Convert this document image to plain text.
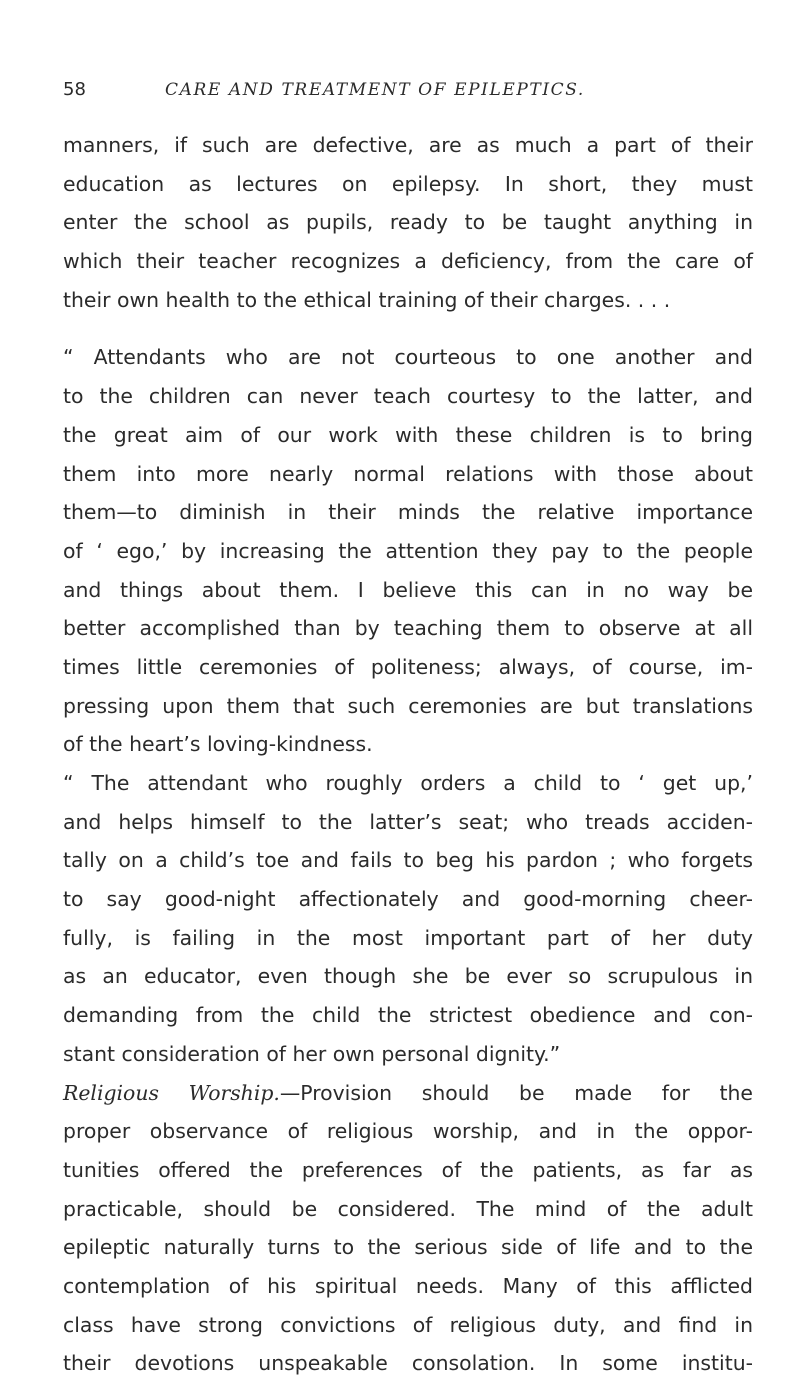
58	CARE AND TREATMENT OF EPILEPTICS.
manners, if such are defective, are as much a part of their
education as lectures on epilepsy. In short, they must
enter the school as pupils, ready to be taught anything in
which their teacher recognizes a deficiency, from the care of
their own health to the ethical training of their charges. . . .
“ Attendants who are not courteous to one another and
to the children can never teach courtesy to the latter, and
the great aim of our work with these children is to bring
them into more nearly normal relations with those about
them—to diminish in their minds the relative importance
of ‘ ego,’ by increasing the attention they pay to the people
and things about them. I believe this can in no way be
better accomplished than by teaching them to observe at all
times little ceremonies of politeness; always, of course, im-
pressing upon them that such ceremonies are but translations
of the heart’s loving-kindness.
“ The attendant who roughly orders a child to ‘ get up,’
and helps himself to the latter’s seat; who treads acciden-
tally on a child’s toe and fails to beg his pardon ; who forgets
to say good-night affectionately and good-morning cheer-
fully, is failing in the most important part of her duty
as an educator, even though she be ever so scrupulous in
demanding from the child the strictest obedience and con-
stant consideration of her own personal dignity.”
Religious Worship.—Provision should be made for the
proper observance of religious worship, and in the oppor-
tunities offered the preferences of the patients, as far as
practicable, should be considered. The mind of the adult
epileptic naturally turns to the serious side of life and to the
contemplation of his spiritual needs. Many of this afflicted
class have strong convictions of religious duty, and find in
their devotions unspeakable consolation. In some institu-
